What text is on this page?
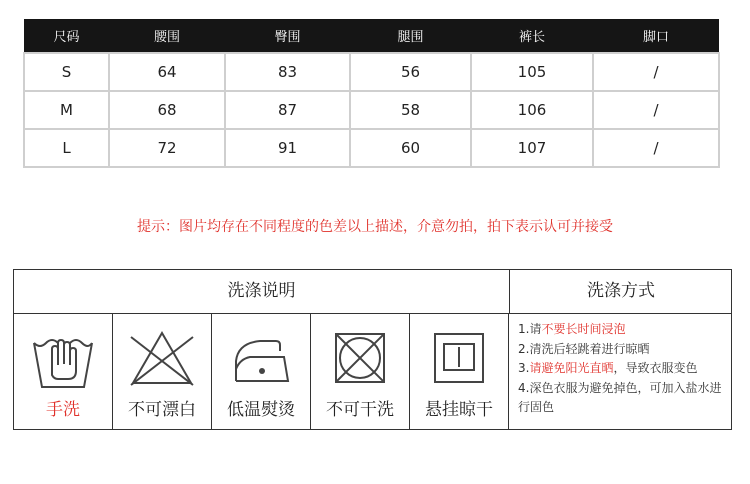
尺码	腰围	臀围	腿围	裤长	脚口
S	64	83	56	105	/
M	68	87	58	106	/
L	72	91	60	107	/
提示：图片均存在不同程度的色差以上描述，介意勿拍，拍下表示认可并接受
洗涤说明	洗涤方式
手洗	不可漂白	低温熨烫	不可干洗	悬挂晾干
1.请不要长时间浸泡
2.清洗后轻跳着进行晾晒
3.请避免阳光直晒，导致衣服变色
4.深色衣服为避免掉色，可加入盐水进行固色
